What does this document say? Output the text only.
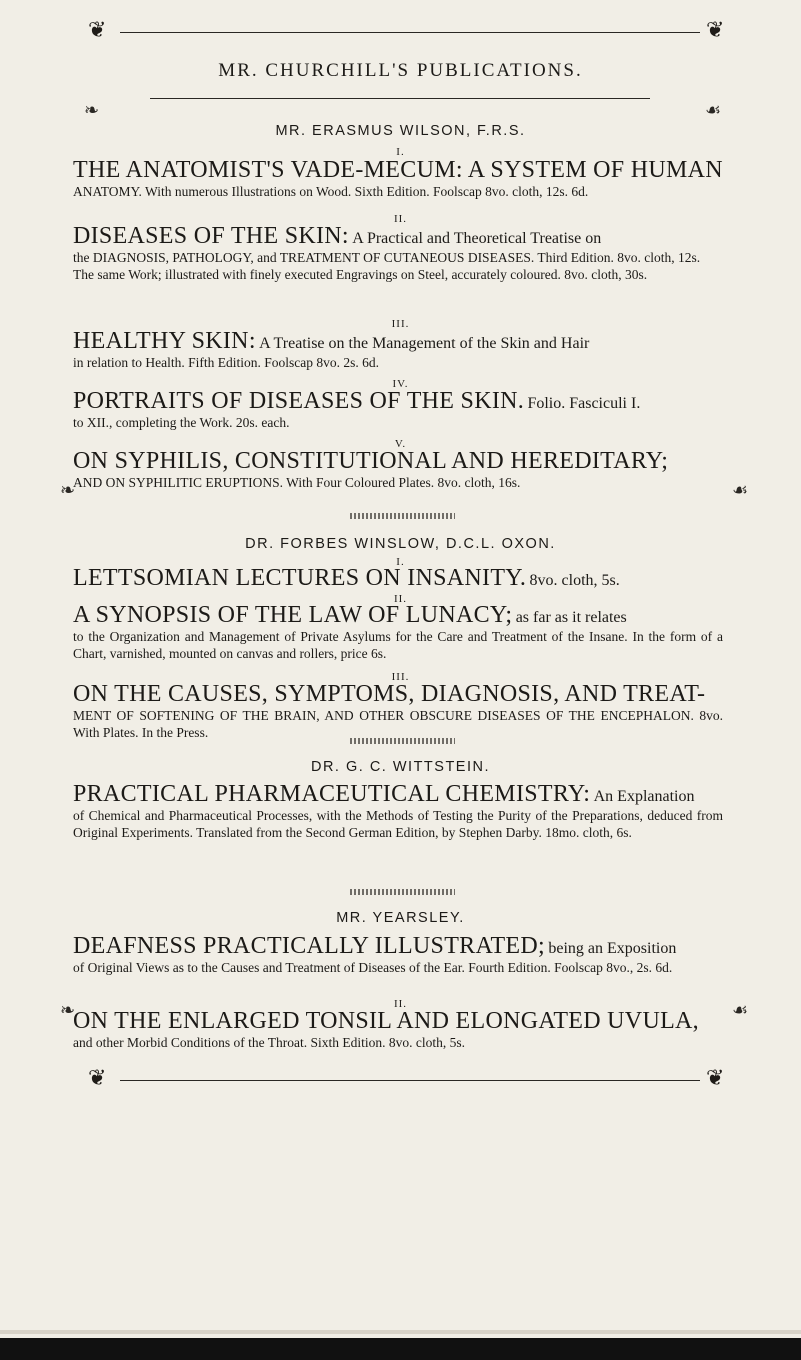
❦	❦
❧	☙
MR. CHURCHILL'S PUBLICATIONS.
MR. ERASMUS WILSON, F.R.S.
I.
THE ANATOMIST'S VADE-MECUM: A SYSTEM OF HUMAN
ANATOMY. With numerous Illustrations on Wood. Sixth Edition. Foolscap 8vo. cloth, 12s. 6d.
II.
DISEASES OF THE SKIN: A Practical and Theoretical Treatise on
the DIAGNOSIS, PATHOLOGY, and TREATMENT OF CUTANEOUS DISEASES. Third Edition. 8vo. cloth, 12s.
The same Work; illustrated with finely executed Engravings on Steel, accurately coloured. 8vo. cloth, 30s.
III.
HEALTHY SKIN: A Treatise on the Management of the Skin and Hair
in relation to Health. Fifth Edition. Foolscap 8vo. 2s. 6d.
IV.
PORTRAITS OF DISEASES OF THE SKIN. Folio. Fasciculi I.
to XII., completing the Work. 20s. each.
V.
ON SYPHILIS, CONSTITUTIONAL AND HEREDITARY;
AND ON SYPHILITIC ERUPTIONS. With Four Coloured Plates. 8vo. cloth, 16s.
❧	☙
DR. FORBES WINSLOW, D.C.L. OXON.
I.
LETTSOMIAN LECTURES ON INSANITY. 8vo. cloth, 5s.
II.
A SYNOPSIS OF THE LAW OF LUNACY; as far as it relates
to the Organization and Management of Private Asylums for the Care and Treatment of the Insane. In the form of a Chart, varnished, mounted on canvas and rollers, price 6s.
III.
ON THE CAUSES, SYMPTOMS, DIAGNOSIS, AND TREAT-
MENT OF SOFTENING OF THE BRAIN, AND OTHER OBSCURE DISEASES OF THE ENCEPHALON. 8vo. With Plates. In the Press.
DR. G. C. WITTSTEIN.
PRACTICAL PHARMACEUTICAL CHEMISTRY: An Explanation
of Chemical and Pharmaceutical Processes, with the Methods of Testing the Purity of the Preparations, deduced from Original Experiments. Translated from the Second German Edition, by Stephen Darby. 18mo. cloth, 6s.
MR. YEARSLEY.
DEAFNESS PRACTICALLY ILLUSTRATED; being an Exposition
of Original Views as to the Causes and Treatment of Diseases of the Ear. Fourth Edition. Foolscap 8vo., 2s. 6d.
II.
ON THE ENLARGED TONSIL AND ELONGATED UVULA,
and other Morbid Conditions of the Throat. Sixth Edition. 8vo. cloth, 5s.
❧	☙
❦	❦
